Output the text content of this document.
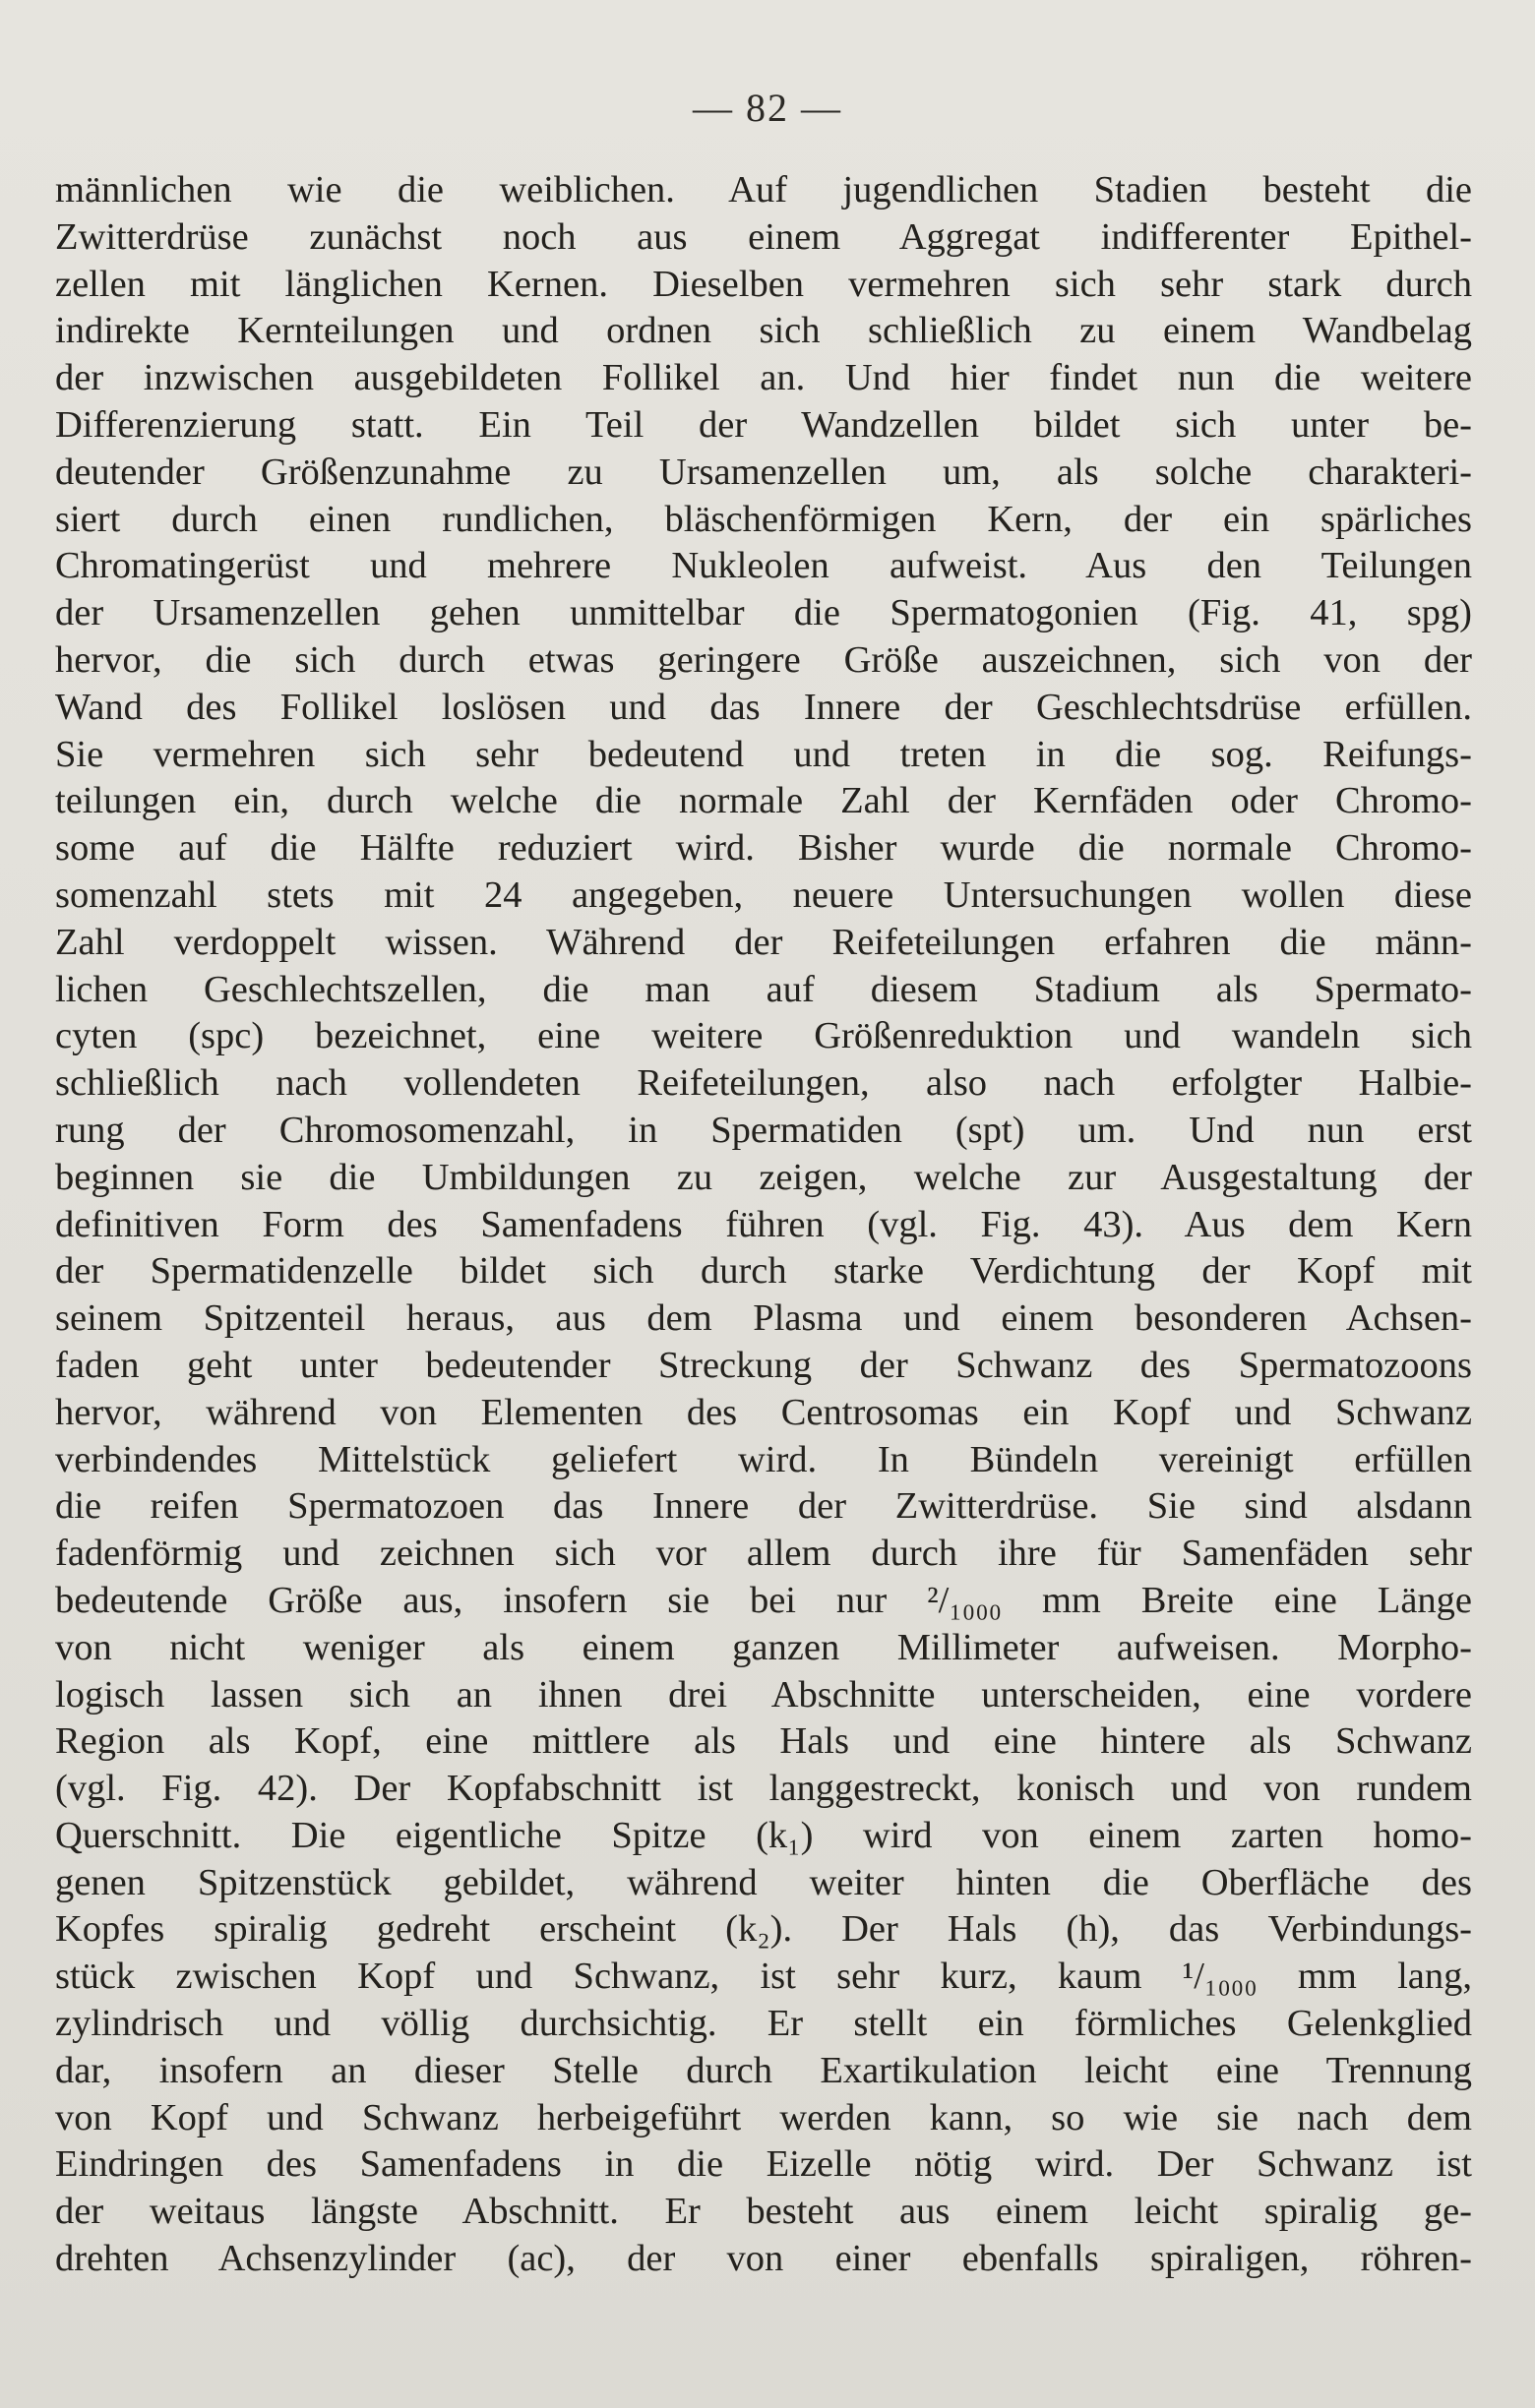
— 82 —
männlichen wie die weiblichen. Auf jugendlichen Stadien besteht die
Zwitterdrüse zunächst noch aus einem Aggregat indifferenter Epithel-
zellen mit länglichen Kernen. Dieselben vermehren sich sehr stark durch
indirekte Kernteilungen und ordnen sich schließlich zu einem Wandbelag
der inzwischen ausgebildeten Follikel an. Und hier findet nun die weitere
Differenzierung statt. Ein Teil der Wandzellen bildet sich unter be-
deutender Größenzunahme zu Ursamenzellen um, als solche charakteri-
siert durch einen rundlichen, bläschenförmigen Kern, der ein spärliches
Chromatingerüst und mehrere Nukleolen aufweist. Aus den Teilungen
der Ursamenzellen gehen unmittelbar die Spermatogonien (Fig. 41, spg)
hervor, die sich durch etwas geringere Größe auszeichnen, sich von der
Wand des Follikel loslösen und das Innere der Geschlechtsdrüse erfüllen.
Sie vermehren sich sehr bedeutend und treten in die sog. Reifungs-
teilungen ein, durch welche die normale Zahl der Kernfäden oder Chromo-
some auf die Hälfte reduziert wird. Bisher wurde die normale Chromo-
somenzahl stets mit 24 angegeben, neuere Untersuchungen wollen diese
Zahl verdoppelt wissen. Während der Reifeteilungen erfahren die männ-
lichen Geschlechtszellen, die man auf diesem Stadium als Spermato-
cyten (spc) bezeichnet, eine weitere Größenreduktion und wandeln sich
schließlich nach vollendeten Reifeteilungen, also nach erfolgter Halbie-
rung der Chromosomenzahl, in Spermatiden (spt) um. Und nun erst
beginnen sie die Umbildungen zu zeigen, welche zur Ausgestaltung der
definitiven Form des Samenfadens führen (vgl. Fig. 43). Aus dem Kern
der Spermatidenzelle bildet sich durch starke Verdichtung der Kopf mit
seinem Spitzenteil heraus, aus dem Plasma und einem besonderen Achsen-
faden geht unter bedeutender Streckung der Schwanz des Spermatozoons
hervor, während von Elementen des Centrosomas ein Kopf und Schwanz
verbindendes Mittelstück geliefert wird. In Bündeln vereinigt erfüllen
die reifen Spermatozoen das Innere der Zwitterdrüse. Sie sind alsdann
fadenförmig und zeichnen sich vor allem durch ihre für Samenfäden sehr
bedeutende Größe aus, insofern sie bei nur ²/₁₀₀₀ mm Breite eine Länge
von nicht weniger als einem ganzen Millimeter aufweisen. Morpho-
logisch lassen sich an ihnen drei Abschnitte unterscheiden, eine vordere
Region als Kopf, eine mittlere als Hals und eine hintere als Schwanz
(vgl. Fig. 42). Der Kopfabschnitt ist langgestreckt, konisch und von rundem
Querschnitt. Die eigentliche Spitze (k₁) wird von einem zarten homo-
genen Spitzenstück gebildet, während weiter hinten die Oberfläche des
Kopfes spiralig gedreht erscheint (k₂). Der Hals (h), das Verbindungs-
stück zwischen Kopf und Schwanz, ist sehr kurz, kaum ¹/₁₀₀₀ mm lang,
zylindrisch und völlig durchsichtig. Er stellt ein förmliches Gelenkglied
dar, insofern an dieser Stelle durch Exartikulation leicht eine Trennung
von Kopf und Schwanz herbeigeführt werden kann, so wie sie nach dem
Eindringen des Samenfadens in die Eizelle nötig wird. Der Schwanz ist
der weitaus längste Abschnitt. Er besteht aus einem leicht spiralig ge-
drehten Achsenzylinder (ac), der von einer ebenfalls spiraligen, röhren-
